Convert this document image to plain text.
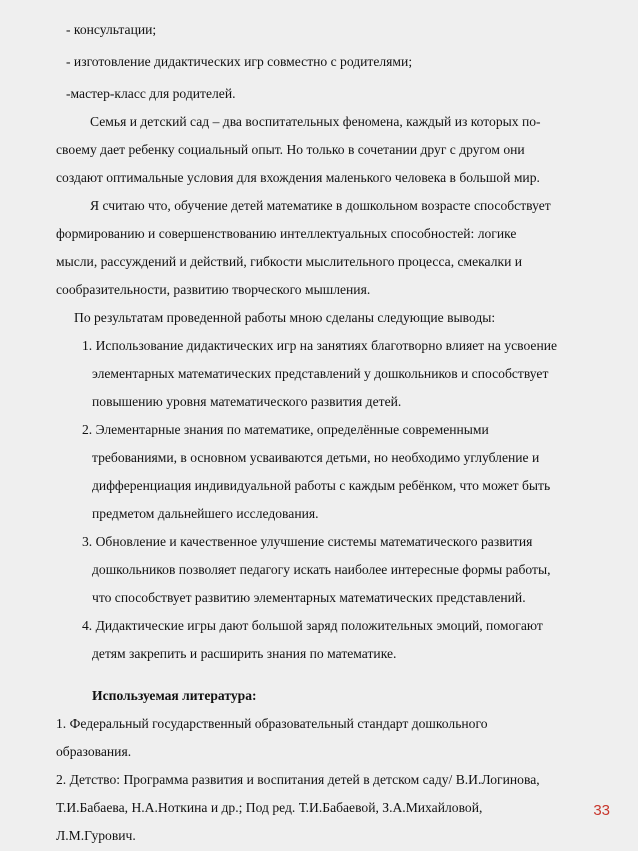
- консультации;
- изготовление дидактических игр совместно с родителями;
-мастер-класс для родителей.
Семья и детский сад – два воспитательных феномена, каждый из которых по-
своему дает ребенку социальный опыт. Но только в сочетании друг с другом они
создают оптимальные условия для вхождения маленького человека в большой мир.
Я считаю что, обучение детей математике в дошкольном возрасте способствует
формированию и совершенствованию интеллектуальных способностей: логике
мысли, рассуждений и действий, гибкости мыслительного процесса, смекалки и
сообразительности, развитию творческого мышления.
По результатам проведенной работы мною сделаны следующие выводы:
1. Использование дидактических игр на занятиях благотворно влияет на усвоение
элементарных математических представлений у дошкольников и способствует
повышению уровня математического развития детей.
2. Элементарные знания по математике, определённые современными
требованиями, в основном усваиваются детьми, но необходимо углубление и
дифференциация индивидуальной работы с каждым ребёнком, что может быть
предметом дальнейшего исследования.
3. Обновление и качественное улучшение системы математического развития
дошкольников позволяет педагогу искать наиболее интересные формы работы,
что способствует развитию элементарных математических представлений.
4. Дидактические игры дают большой заряд положительных эмоций, помогают
детям закрепить и расширить знания по математике.
Используемая литература:
1. Федеральный государственный образовательный стандарт дошкольного
образования.
2. Детство: Программа развития и воспитания детей в детском саду/ В.И.Логинова,
Т.И.Бабаева, Н.А.Ноткина и др.; Под ред. Т.И.Бабаевой, З.А.Михайловой,
Л.М.Гурович.
33
